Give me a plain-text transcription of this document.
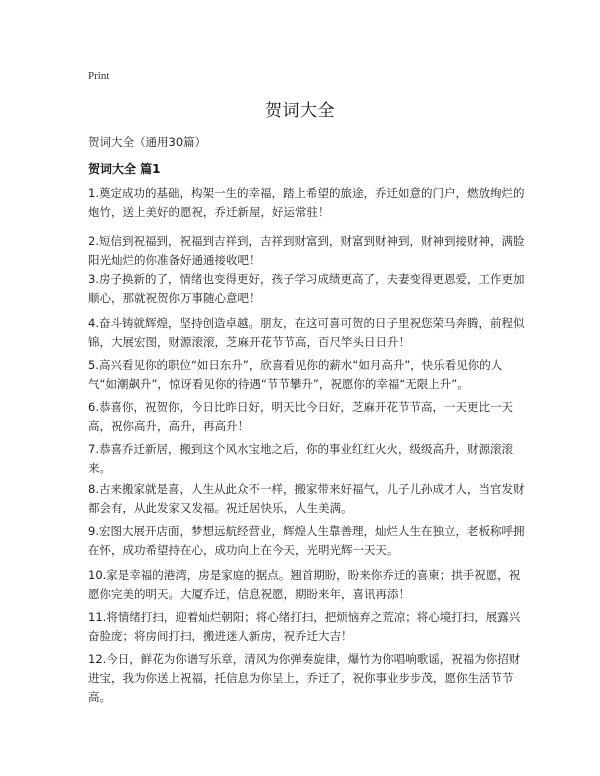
Print
贺词大全
贺词大全（通用30篇）
贺词大全 篇1

1.奠定成功的基础，构架一生的幸福，踏上希望的旅途，乔迁如意的门户，燃放绚烂的炮竹，送上美好的愿祝，乔迁新屋，好运常驻！

2.短信到祝福到，祝福到吉祥到，吉祥到财富到，财富到财神到，财神到接财神，满脸阳光灿烂的你准备好通通接收吧！

3.房子换新的了，情绪也变得更好，孩子学习成绩更高了，夫妻变得更恩爱，工作更加顺心，那就祝贺你万事随心意吧！

4.奋斗铸就辉煌，坚持创造卓越。朋友，在这可喜可贺的日子里祝您荣马奔腾，前程似锦，大展宏图，财源滚滚，芝麻开花节节高，百尺竿头日日升！

5.高兴看见你的职位“如日东升”，欣喜看见你的薪水“如月高升”，快乐看见你的人气“如潮飙升”，惊讶看见你的待遇“节节攀升”，祝愿你的幸福“无限上升”。

6.恭喜你，祝贺你，今日比昨日好，明天比今日好，芝麻开花节节高，一天更比一天高，祝你高升，高升，再高升！

7.恭喜乔迁新居，搬到这个风水宝地之后，你的事业红红火火，级级高升，财源滚滚来。

8.古来搬家就是喜，人生从此众不一样，搬家带来好福气，儿子儿孙成才人，当官发财都会有，从此发家又发福。祝迁居快乐，人生美满。

9.宏图大展开店面，梦想远航经营业，辉煌人生靠善理，灿烂人生在独立，老板称呼拥在怀，成功希望持在心，成功向上在今天，光明光辉一天天。

10.家是幸福的港湾，房是家庭的据点。翘首期盼，盼来你乔迁的喜柬；拱手祝愿，祝愿你完美的明天。大厦乔迁，信息祝愿，期盼来年，喜讯再添！

11.将情绪打扫，迎着灿烂朝阳；将心绪打扫，把烦恼弃之荒凉；将心境打扫，展露兴奋脸庞；将房间打扫，搬进迷人新房，祝乔迁大吉！

12.今日，鲜花为你谱写乐章，清风为你弹奏旋律，爆竹为你唱响歌谣，祝福为你招财进宝，我为你送上祝福，托信息为你呈上，乔迁了，祝你事业步步茂，愿你生活节节高。
